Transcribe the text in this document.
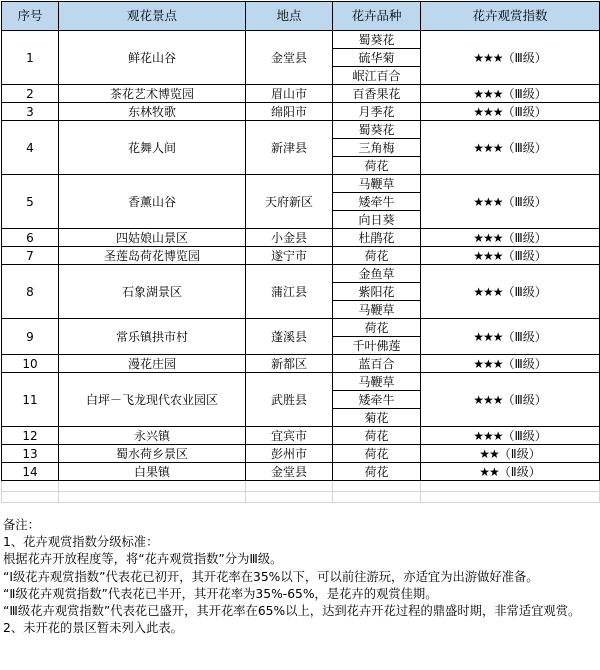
序号	观花景点	地点	花卉品种	花卉观赏指数
1	鲜花山谷	金堂县	蜀葵花	★★★（Ⅲ级）
			硫华菊	
			岷江百合	
2	茶花艺术博览园	眉山市	百香果花	★★★（Ⅲ级）
3	东林牧歌	绵阳市	月季花	★★★（Ⅲ级）
4	花舞人间	新津县	蜀葵花	★★★（Ⅲ级）
			三角梅	
			荷花	
5	香薰山谷	天府新区	马鞭草	★★★（Ⅲ级）
			矮牵牛	
			向日葵	
6	四姑娘山景区	小金县	杜鹃花	★★★（Ⅲ级）
7	圣莲岛荷花博览园	遂宁市	荷花	★★★（Ⅲ级）
8	石象湖景区	蒲江县	金鱼草	★★★（Ⅲ级）
			紫阳花	
			马鞭草	
9	常乐镇拱市村	蓬溪县	荷花	★★★（Ⅲ级）
			千叶佛莲	
10	漫花庄园	新都区	蓝百合	★★★（Ⅲ级）
11	白坪－飞龙现代农业园区	武胜县	马鞭草	★★★（Ⅲ级）
			矮牵牛	
			菊花	
12	永兴镇	宜宾市	荷花	★★★（Ⅲ级）
13	蜀水荷乡景区	彭州市	荷花	★★（Ⅱ级）
14	白果镇	金堂县	荷花	★★（Ⅱ级）

备注：
1、花卉观赏指数分级标准：
根据花卉开放程度等，将“花卉观赏指数”分为Ⅲ级。
“Ⅰ级花卉观赏指数”代表花已初开，其开花率在35%以下，可以前往游玩，亦适宜为出游做好准备。
“Ⅱ级花卉观赏指数”代表花已半开，其开花率为35%-65%，是花卉的观赏佳期。
“Ⅲ级花卉观赏指数”代表花已盛开，其开花率在65%以上，达到花卉开花过程的鼎盛时期，非常适宜观赏。
2、未开花的景区暂未列入此表。
